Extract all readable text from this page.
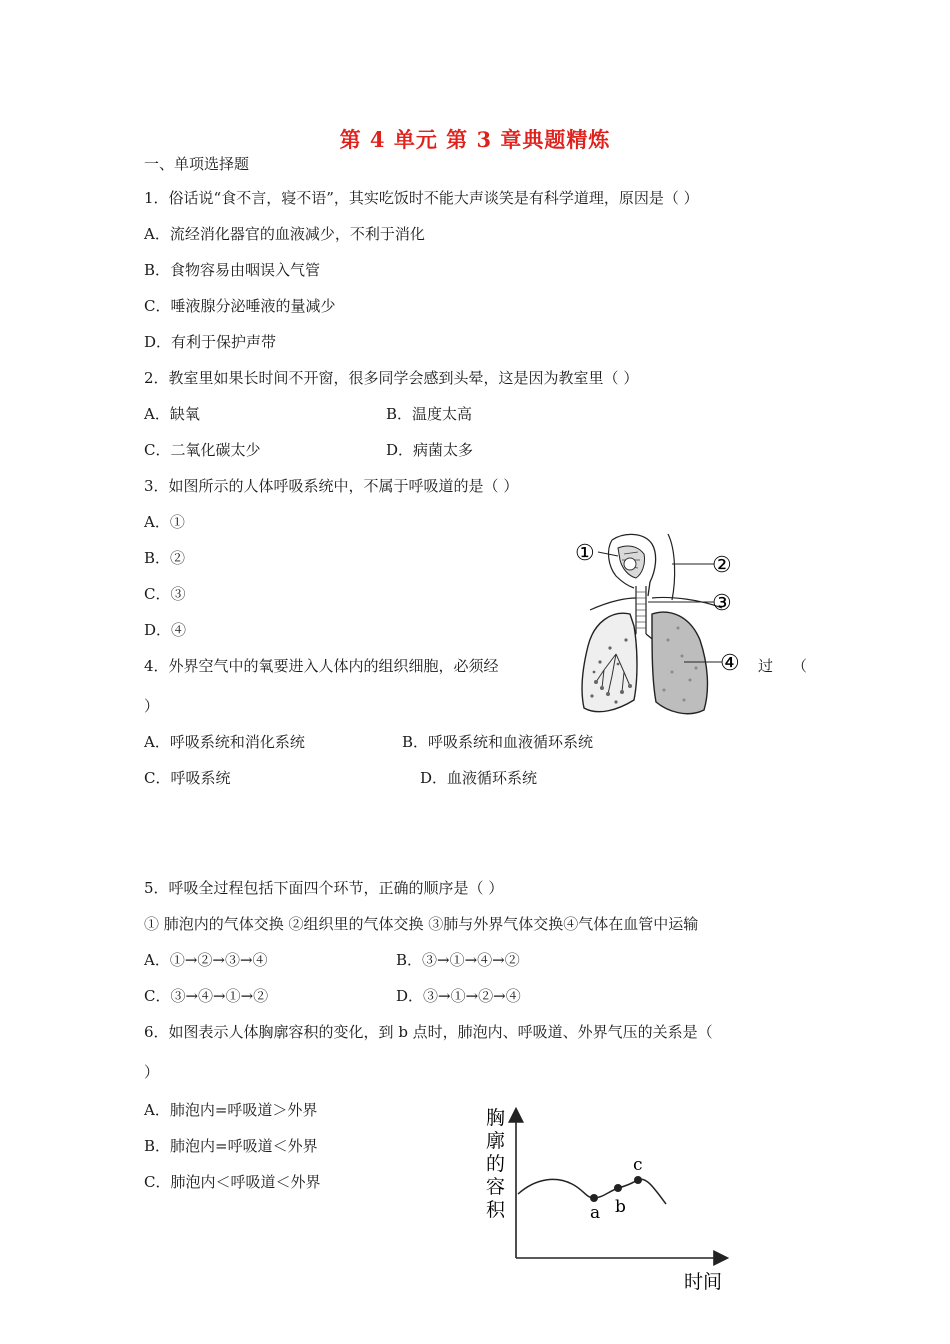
第 4 单元 第 3 章典题精炼
一、单项选择题
1．俗话说“食不言，寝不语”，其实吃饭时不能大声谈笑是有科学道理，原因是（ ）
A．流经消化器官的血液减少，不利于消化
B．食物容易由咽误入气管
C．唾液腺分泌唾液的量减少
D．有利于保护声带
2．教室里如果长时间不开窗，很多同学会感到头晕，这是因为教室里（ ）
A．缺氧	B．温度太高
C．二氧化碳太少	D．病菌太多
3．如图所示的人体呼吸系统中，不属于呼吸道的是（ ）
A．①
B．②
C．③
D．④
①	②
③
④
4．外界空气中的氧要进入人体内的组织细胞，必须经	过 （
）
A．呼吸系统和消化系统	B．呼吸系统和血液循环系统
C．呼吸系统	D．血液循环系统
5．呼吸全过程包括下面四个环节，正确的顺序是（ ）
① 肺泡内的气体交换 ②组织里的气体交换 ③肺与外界气体交换④气体在血管中运输
A．①→②→③→④	B．③→①→④→②
C．③→④→①→②	D．③→①→②→④
6．如图表示人体胸廓容积的变化，到 b 点时，肺泡内、呼吸道、外界气压的关系是（
）
A．肺泡内=呼吸道＞外界
B．肺泡内=呼吸道＜外界
C．肺泡内＜呼吸道＜外界
胸
廓
的
容
积
时间
a b
c
